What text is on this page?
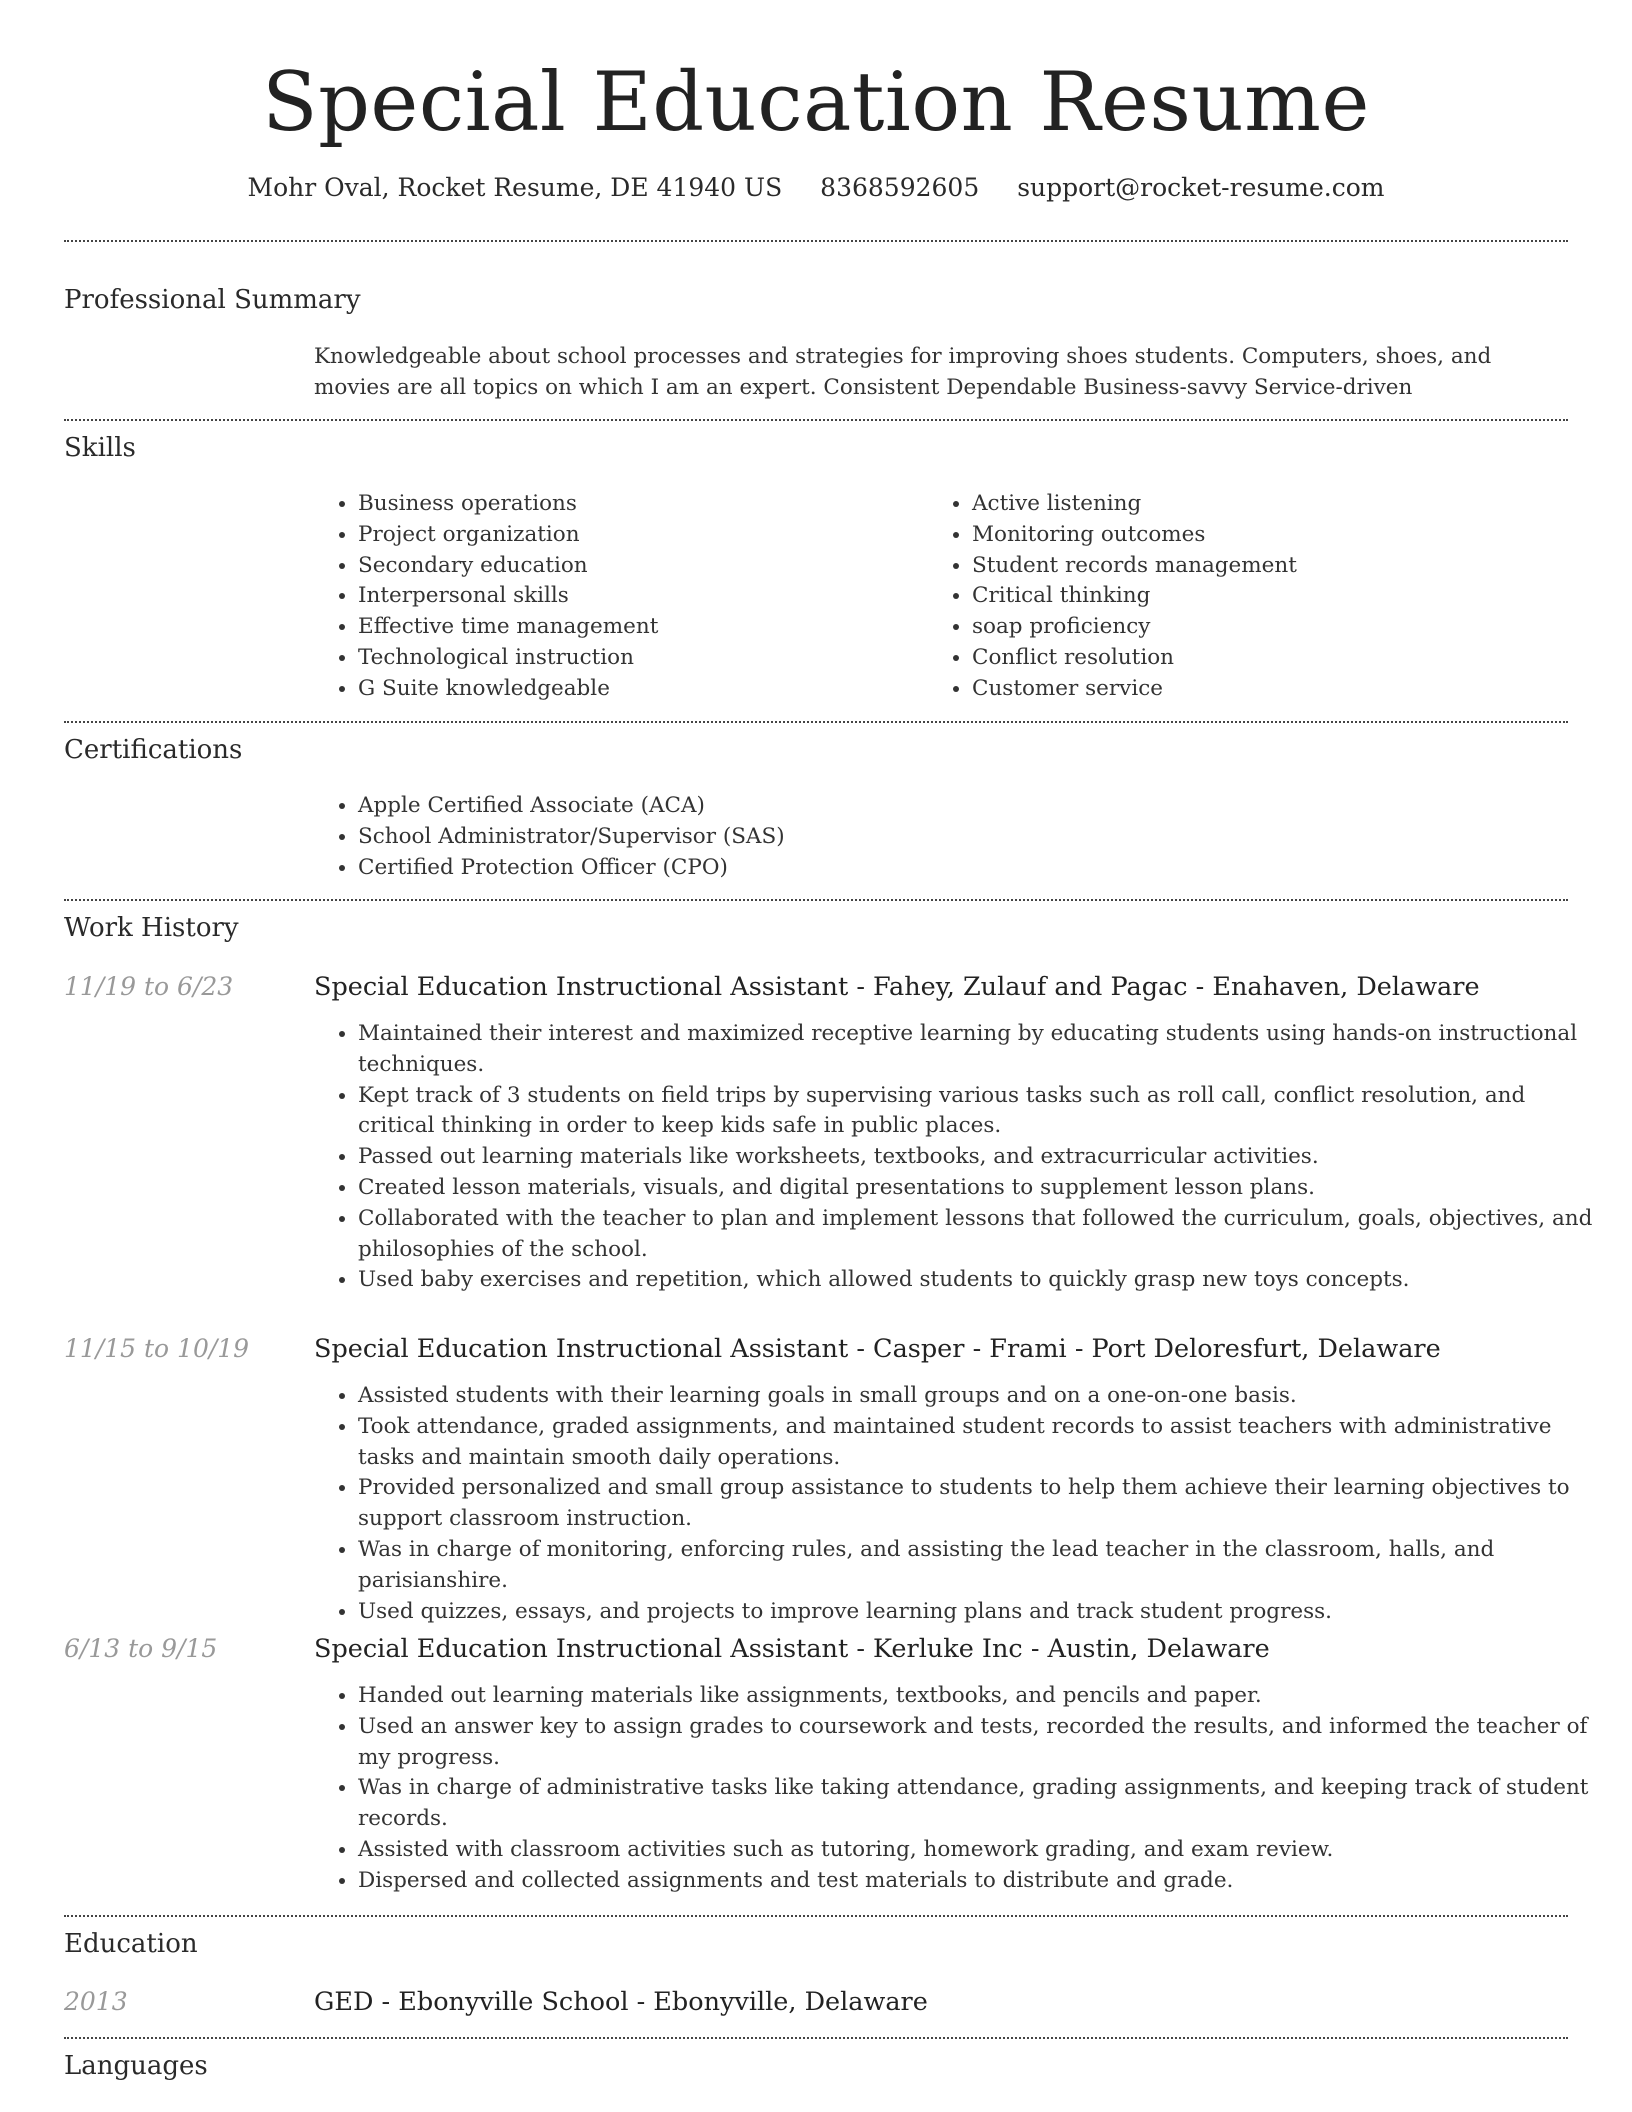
Special Education Resume
Mohr Oval, Rocket Resume, DE 41940 US 8368592605 support@rocket-resume.com
Professional Summary
Knowledgeable about school processes and strategies for improving shoes students. Computers, shoes, and movies are all topics on which I am an expert. Consistent Dependable Business-savvy Service-driven
Skills
• Business operations
• Project organization
• Secondary education
• Interpersonal skills
• Effective time management
• Technological instruction
• G Suite knowledgeable
• Active listening
• Monitoring outcomes
• Student records management
• Critical thinking
• soap proficiency
• Conflict resolution
• Customer service
Certifications
• Apple Certified Associate (ACA)
• School Administrator/Supervisor (SAS)
• Certified Protection Officer (CPO)
Work History
11/19 to 6/23	Special Education Instructional Assistant - Fahey, Zulauf and Pagac - Enahaven, Delaware
• Maintained their interest and maximized receptive learning by educating students using hands-on instructional techniques.
• Kept track of 3 students on field trips by supervising various tasks such as roll call, conflict resolution, and critical thinking in order to keep kids safe in public places.
• Passed out learning materials like worksheets, textbooks, and extracurricular activities.
• Created lesson materials, visuals, and digital presentations to supplement lesson plans.
• Collaborated with the teacher to plan and implement lessons that followed the curriculum, goals, objectives, and philosophies of the school.
• Used baby exercises and repetition, which allowed students to quickly grasp new toys concepts.
11/15 to 10/19	Special Education Instructional Assistant - Casper - Frami - Port Deloresfurt, Delaware
• Assisted students with their learning goals in small groups and on a one-on-one basis.
• Took attendance, graded assignments, and maintained student records to assist teachers with administrative tasks and maintain smooth daily operations.
• Provided personalized and small group assistance to students to help them achieve their learning objectives to support classroom instruction.
• Was in charge of monitoring, enforcing rules, and assisting the lead teacher in the classroom, halls, and parisianshire.
• Used quizzes, essays, and projects to improve learning plans and track student progress.
6/13 to 9/15	Special Education Instructional Assistant - Kerluke Inc - Austin, Delaware
• Handed out learning materials like assignments, textbooks, and pencils and paper.
• Used an answer key to assign grades to coursework and tests, recorded the results, and informed the teacher of my progress.
• Was in charge of administrative tasks like taking attendance, grading assignments, and keeping track of student records.
• Assisted with classroom activities such as tutoring, homework grading, and exam review.
• Dispersed and collected assignments and test materials to distribute and grade.
Education
2013	GED - Ebonyville School - Ebonyville, Delaware
Languages
